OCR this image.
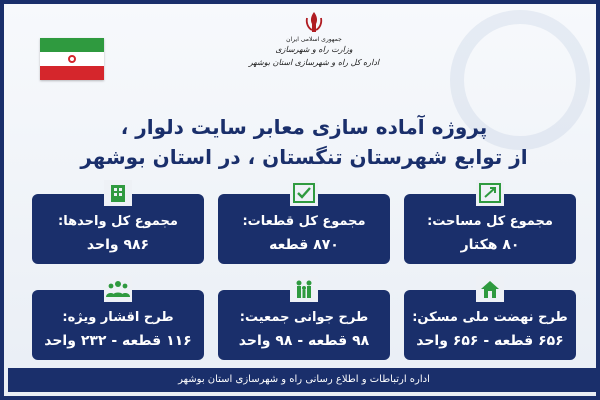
جمهوری اسلامی ایران
وزارت راه و شهرسازی
اداره کل راه و شهرسازی استان بوشهر
پروژه آماده سازی معابر سایت دلوار ،
از توابع شهرستان تنگستان ، در استان بوشهر
مجموع کل مساحت:
۸۰ هکتار
مجموع کل قطعات:
۸۷۰ قطعه
مجموع کل واحدها:
۹۸۶ واحد
طرح نهضت ملی مسکن:
۶۵۶ قطعه - ۶۵۶ واحد
طرح جوانی جمعیت:
۹۸ قطعه - ۹۸ واحد
طرح اقشار ویژه:
۱۱۶ قطعه - ۲۳۲ واحد
اداره ارتباطات و اطلاع رسانی راه و شهرسازی استان بوشهر
